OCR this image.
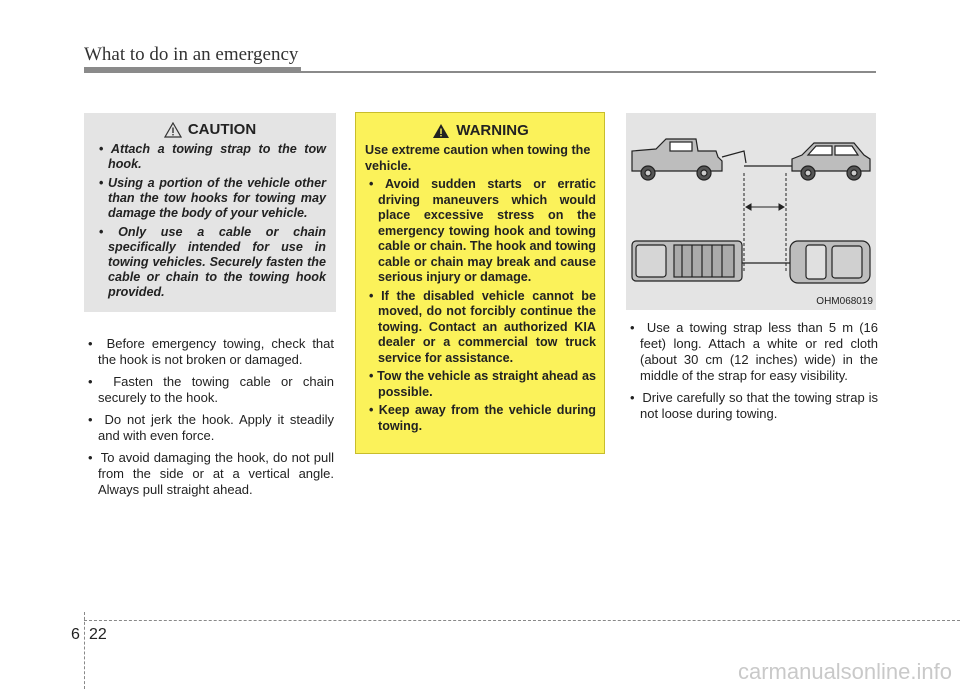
What to do in an emergency
CAUTION
• Attach a towing strap to the tow hook.
• Using a portion of the vehicle other than the tow hooks for towing may damage the body of your vehicle.
• Only use a cable or chain specifically intended for use in towing vehicles. Securely fasten the cable or chain to the towing hook provided.
•  Before emergency towing, check that the hook is not broken or damaged.
•  Fasten the towing cable or chain securely to the hook.
•  Do not jerk the hook. Apply it steadily and with even force.
•  To avoid damaging the hook, do not pull from the side or at a vertical angle. Always pull straight ahead.
WARNING

Use extreme caution when towing the vehicle.

• Avoid sudden starts or erratic driving maneuvers which would place excessive stress on the emergency towing hook and towing cable or chain. The hook and towing cable or chain may break and cause serious injury or damage.
• If the disabled vehicle cannot be moved, do not forcibly continue the towing. Contact an authorized KIA dealer or a commercial tow truck service for assistance.
• Tow the vehicle as straight ahead as possible.
• Keep away from the vehicle during towing.
OHM068019
•  Use a towing strap less than 5 m (16 feet) long. Attach a white or red cloth (about 30 cm (12 inches) wide) in the middle of the strap for easy visibility.
•  Drive carefully so that the towing strap is not loose during towing.
6 22
carmanualsonline.info
